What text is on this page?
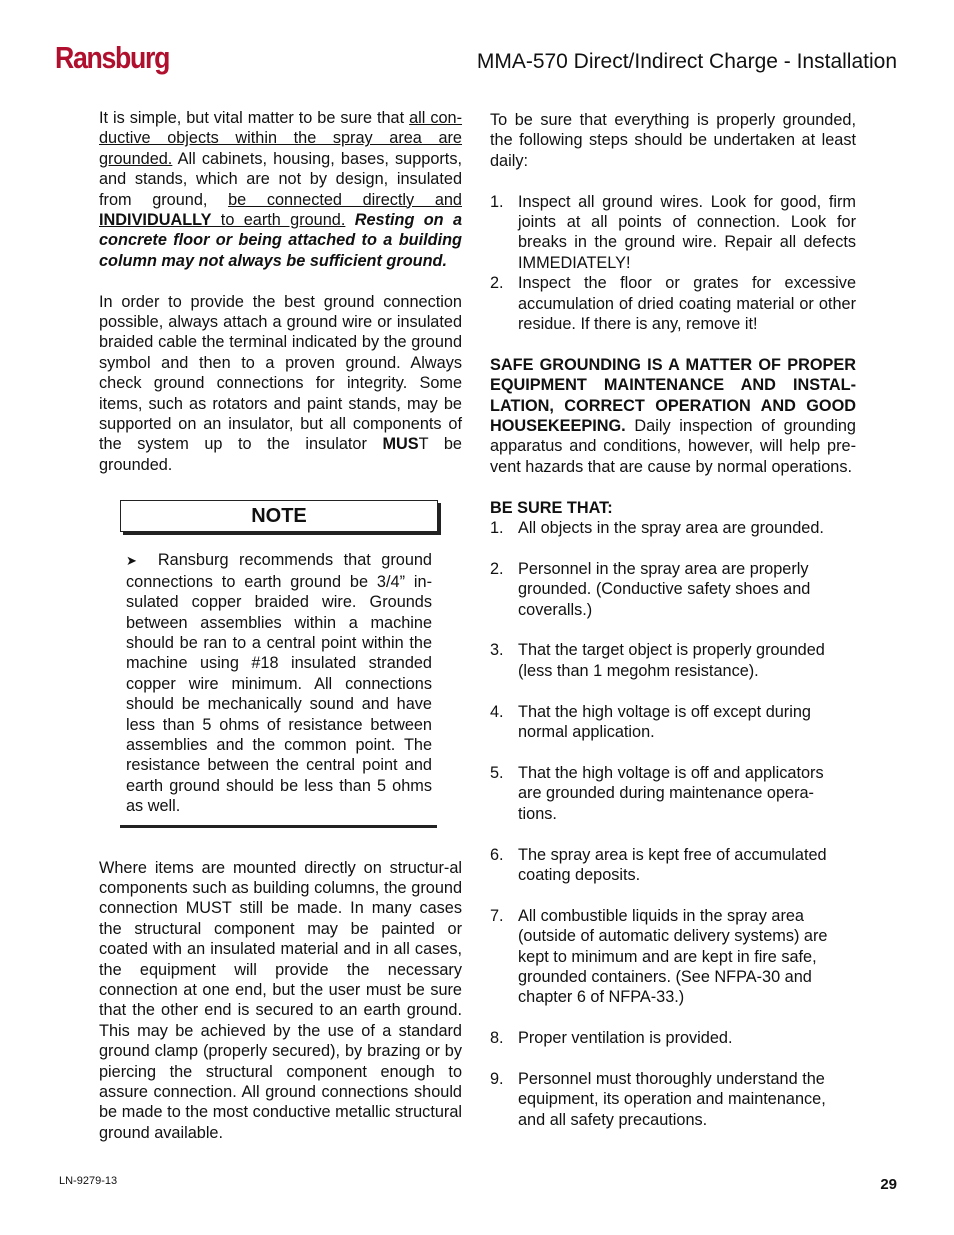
Ransburg	MMA-570 Direct/Indirect Charge - Installation

It is simple, but vital matter to be sure that all con-ductive objects within the spray area are grounded. All cabinets, housing, bases, supports, and stands, which are not by design, insulated from ground, be connected directly and INDIVIDUALLY to earth ground. Resting on a concrete floor or being attached to a building column may not always be sufficient ground.

In order to provide the best ground connection possible, always attach a ground wire or insulated braided cable the terminal indicated by the ground symbol and then to a proven ground. Always check ground connections for integrity. Some items, such as rotators and paint stands, may be supported on an insulator, but all components of the system up to the insulator MUST be grounded.

NOTE

➤ Ransburg recommends that ground connections to earth ground be 3/4” in-sulated copper braided wire. Grounds between assemblies within a machine should be ran to a central point within the machine using #18 insulated stranded copper wire minimum. All connections should be mechanically sound and have less than 5 ohms of resistance between assemblies and the common point. The resistance between the central point and earth ground should be less than 5 ohms as well.

Where items are mounted directly on structur-al components such as building columns, the ground connection MUST still be made. In many cases the structural component may be painted or coated with an insulated material and in all cases, the equipment will provide the necessary connection at one end, but the user must be sure that the other end is secured to an earth ground. This may be achieved by the use of a standard ground clamp (properly secured), by brazing or by piercing the structural component enough to assure connection. All ground connections should be made to the most conductive metallic structural ground available.

To be sure that everything is properly grounded, the following steps should be undertaken at least daily:

1. Inspect all ground wires. Look for good, firm joints at all points of connection. Look for breaks in the ground wire. Repair all defects IMMEDIATELY!
2. Inspect the floor or grates for excessive accumulation of dried coating material or other residue. If there is any, remove it!

SAFE GROUNDING IS A MATTER OF PROPER EQUIPMENT MAINTENANCE AND INSTAL-LATION, CORRECT OPERATION AND GOOD HOUSEKEEPING. Daily inspection of grounding apparatus and conditions, however, will help pre-vent hazards that are cause by normal operations.

BE SURE THAT:

1. All objects in the spray area are grounded.
2. Personnel in the spray area are properly grounded. (Conductive safety shoes and coveralls.)
3. That the target object is properly grounded (less than 1 megohm resistance).
4. That the high voltage is off except during normal application.
5. That the high voltage is off and applicators are grounded during maintenance opera-tions.
6. The spray area is kept free of accumulated coating deposits.
7. All combustible liquids in the spray area (outside of automatic delivery systems) are kept to minimum and are kept in fire safe, grounded containers. (See NFPA-30 and chapter 6 of NFPA-33.)
8. Proper ventilation is provided.
9. Personnel must thoroughly understand the equipment, its operation and maintenance, and all safety precautions.
LN-9279-13	29
